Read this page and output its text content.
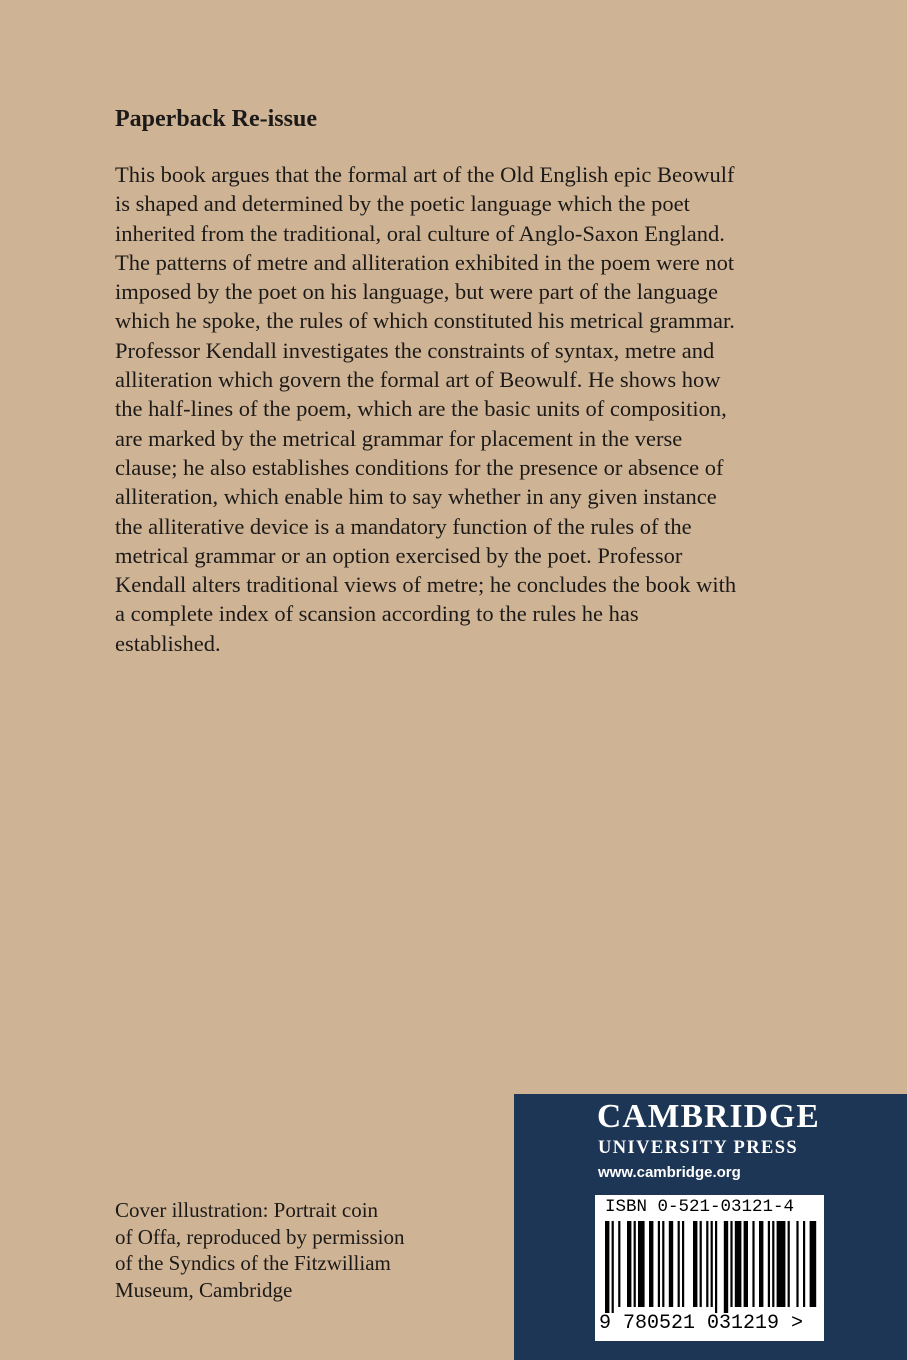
Paperback Re-issue

This book argues that the formal art of the Old English epic Beowulf
is shaped and determined by the poetic language which the poet
inherited from the traditional, oral culture of Anglo-Saxon England.
The patterns of metre and alliteration exhibited in the poem were not
imposed by the poet on his language, but were part of the language
which he spoke, the rules of which constituted his metrical grammar.
Professor Kendall investigates the constraints of syntax, metre and
alliteration which govern the formal art of Beowulf. He shows how
the half-lines of the poem, which are the basic units of composition,
are marked by the metrical grammar for placement in the verse
clause; he also establishes conditions for the presence or absence of
alliteration, which enable him to say whether in any given instance
the alliterative device is a mandatory function of the rules of the
metrical grammar or an option exercised by the poet. Professor
Kendall alters traditional views of metre; he concludes the book with
a complete index of scansion according to the rules he has
established.

Cover illustration: Portrait coin
of Offa, reproduced by permission
of the Syndics of the Fitzwilliam
Museum, Cambridge

CAMBRIDGE
UNIVERSITY PRESS
www.cambridge.org
ISBN 0-521-03121-4
9 780521 031219 >
